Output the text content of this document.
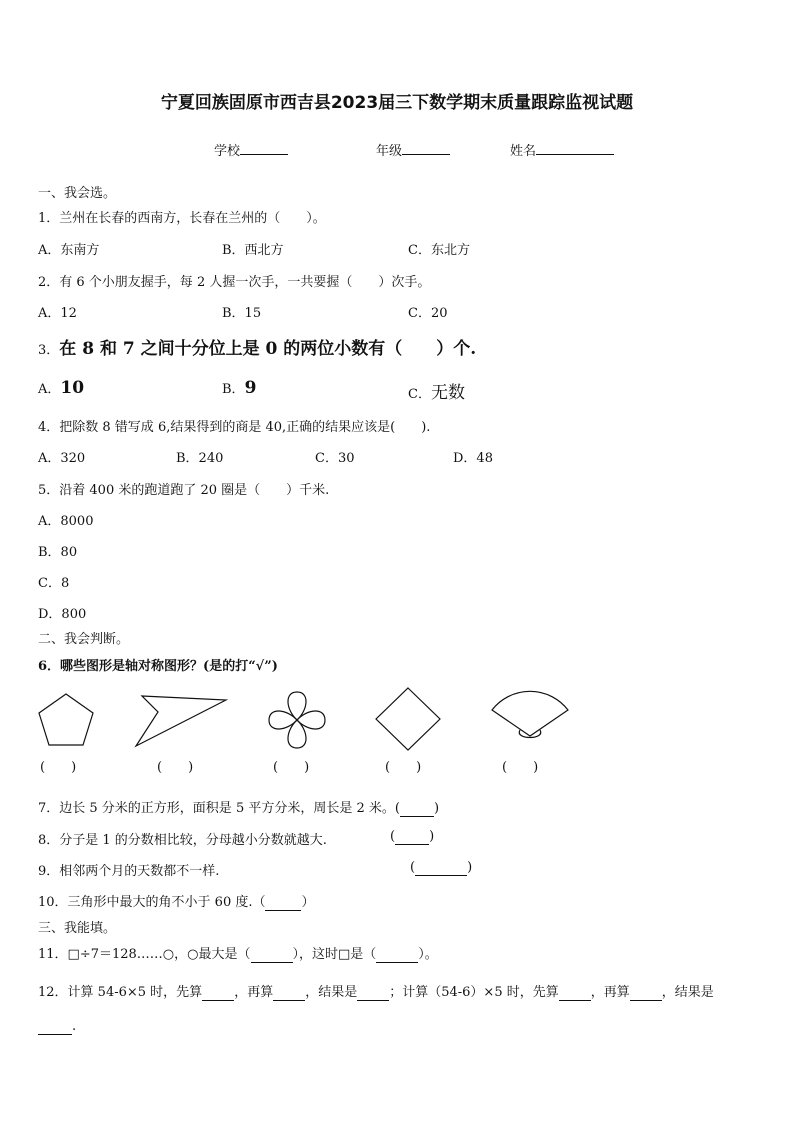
宁夏回族固原市西吉县2023届三下数学期末质量跟踪监视试题
学校	年级	姓名
一、我会选。
1．兰州在长春的西南方，长春在兰州的（　　）。
A．东南方	B．西北方	C．东北方
2．有 6 个小朋友握手，每 2 人握一次手，一共要握（　　）次手。
A．12	B．15	C．20
3．在 8 和 7 之间十分位上是 0 的两位小数有（　　）个.
A．10	B．9	C．无数
4．把除数 8 错写成 6,结果得到的商是 40,正确的结果应该是(　　).
A．320	B．240	C．30	D．48
5．沿着 400 米的跑道跑了 20 圈是（　　）千米.
A．8000
B．80
C．8
D．800
二、我会判断。
6．哪些图形是轴对称图形？(是的打“√”)
(　　)	(　　)	(　　)	(　　)	(　　)
7．边长 5 分米的正方形，面积是 5 平方分米，周长是 2 米。(	)
8．分子是 1 的分数相比较，分母越小分数就越大.	(	)
9．相邻两个月的天数都不一样.	(	)
10．三角形中最大的角不小于 60 度.（	）
三、我能填。
11．□÷7＝128……○，○最大是（	），这时□是（	）。
12．计算 54-6×5 时，先算 ，再算 ，结果是 ；计算（54-6）×5 时，先算 ，再算 ，结果是
.
